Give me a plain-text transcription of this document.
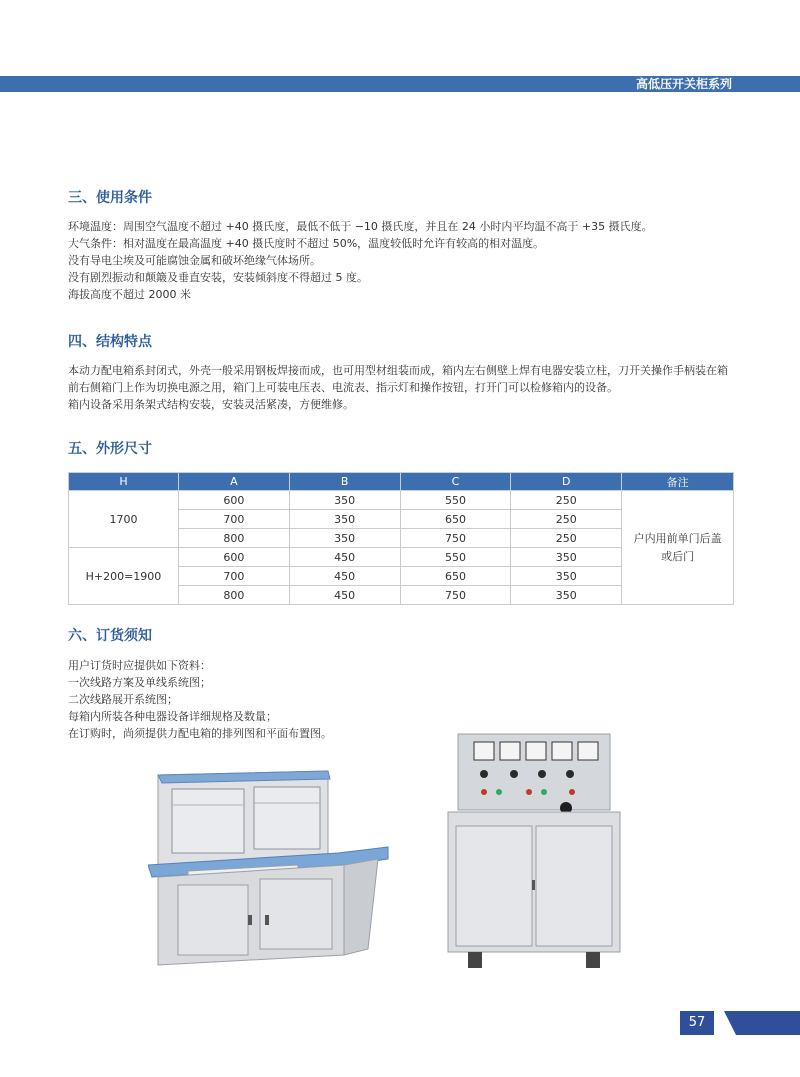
高低压开关柜系列
三、使用条件

环境温度：周围空气温度不超过 +40 摄氏度，最低不低于 −10 摄氏度，并且在 24 小时内平均温不高于 +35 摄氏度。

大气条件：相对温度在最高温度 +40 摄氏度时不超过 50%，温度较低时允许有较高的相对温度。

没有导电尘埃及可能腐蚀金属和破坏绝缘气体场所。

没有剧烈振动和颠簸及垂直安装，安装倾斜度不得超过 5 度。

海拔高度不超过 2000 米

四、结构特点

本动力配电箱系封闭式，外壳一般采用钢板焊接而成，也可用型材组装而成，箱内左右侧壁上焊有电器安装立柱，刀开关操作手柄装在箱前右侧箱门上作为切换电源之用，箱门上可装电压表、电流表、指示灯和操作按钮，打开门可以检修箱内的设备。

箱内设备采用条架式结构安装，安装灵活紧凑，方便维修。

五、外形尺寸
H	A	B	C	D	备注
1700	600	350	550	250	户内用前单门后盖
或后门

	700	350	650	250	
	800	350	750	250	
H+200=1900	600	450	550	350	
	700	450	650	350	
	800	450	750	350	
六、订货须知

用户订货时应提供如下资料：

一次线路方案及单线系统图；

二次线路展开系统图；

每箱内所装各种电器设备详细规格及数量；

在订购时，尚须提供力配电箱的排列图和平面布置图。

57
